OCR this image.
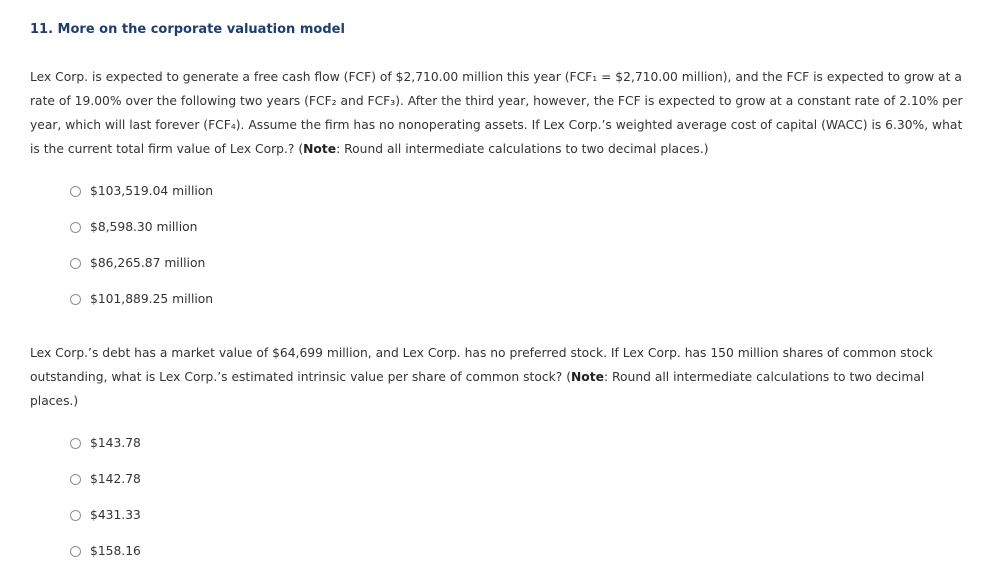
11. More on the corporate valuation model

Lex Corp. is expected to generate a free cash flow (FCF) of $2,710.00 million this year (FCF₁ = $2,710.00 million), and the FCF is expected to grow at a rate of 19.00% over the following two years (FCF₂ and FCF₃). After the third year, however, the FCF is expected to grow at a constant rate of 2.10% per year, which will last forever (FCF₄). Assume the firm has no nonoperating assets. If Lex Corp.’s weighted average cost of capital (WACC) is 6.30%, what is the current total firm value of Lex Corp.? (Note: Round all intermediate calculations to two decimal places.)

$103,519.04 million
$8,598.30 million
$86,265.87 million
$101,889.25 million

Lex Corp.’s debt has a market value of $64,699 million, and Lex Corp. has no preferred stock. If Lex Corp. has 150 million shares of common stock outstanding, what is Lex Corp.’s estimated intrinsic value per share of common stock? (Note: Round all intermediate calculations to two decimal places.)

$143.78
$142.78
$431.33
$158.16
